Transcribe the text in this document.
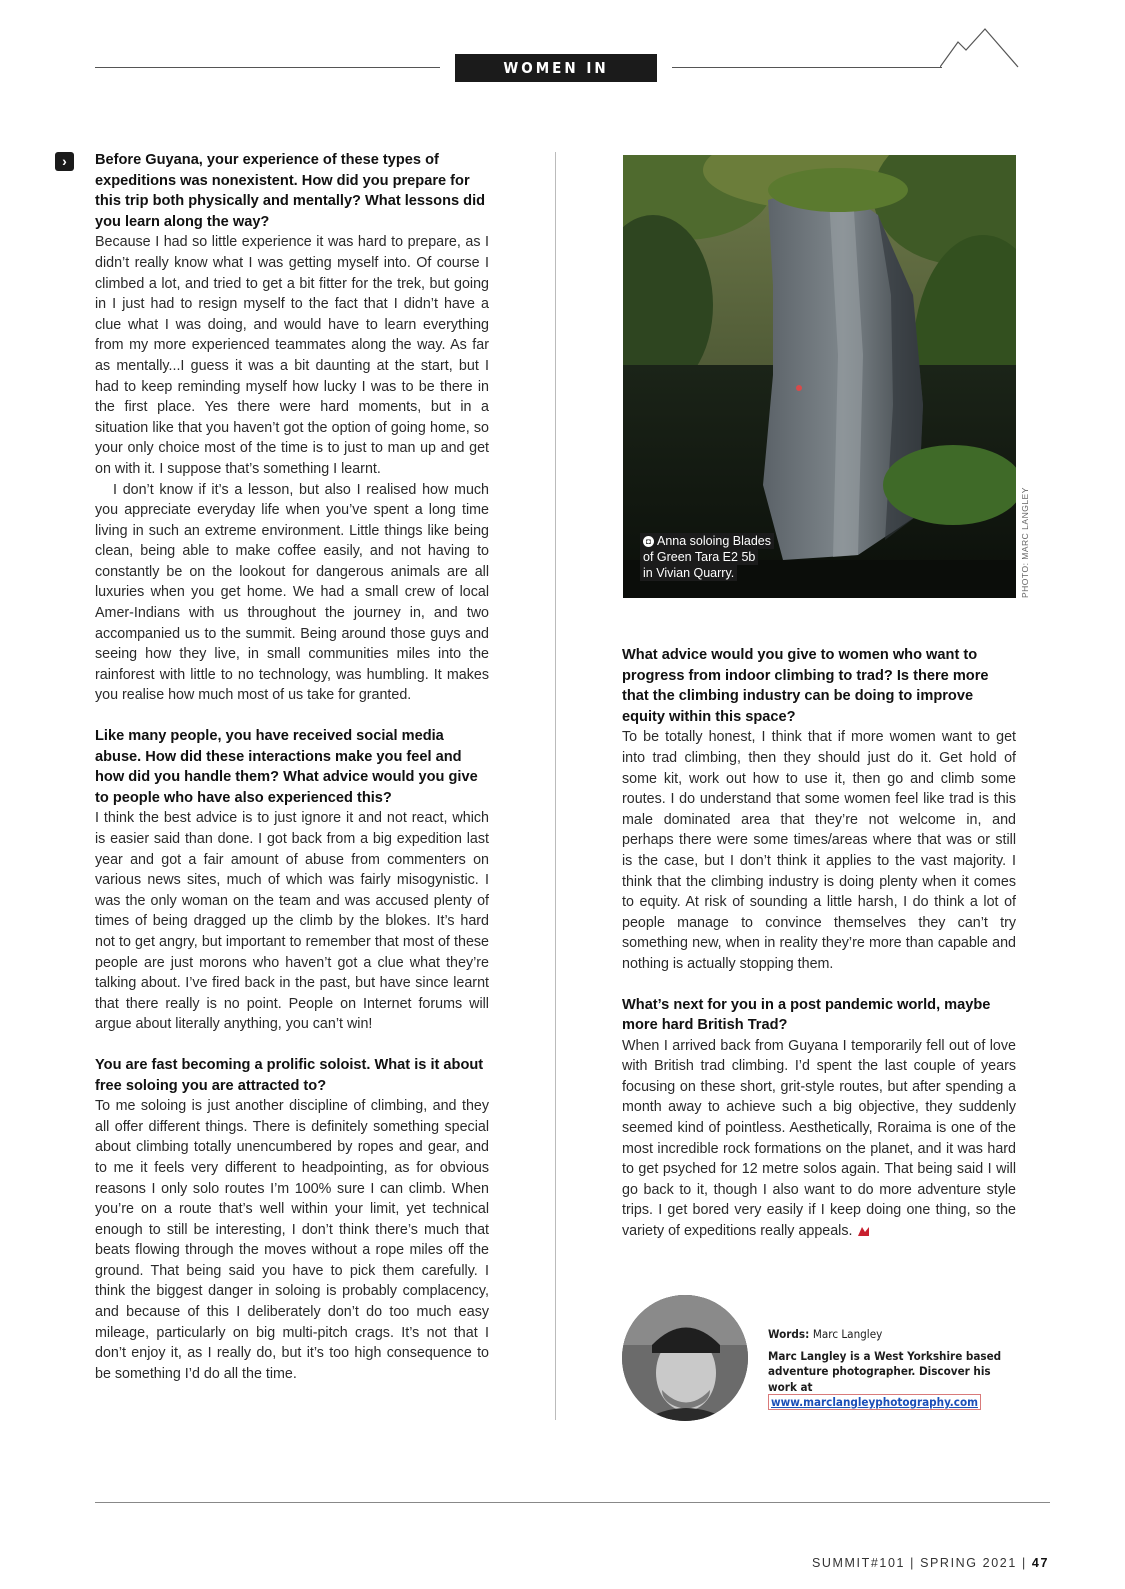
WOMEN IN CLIMBING
›	Before Guyana, your experience of these types of expeditions was nonexistent. How did you prepare for this trip both physically and mentally? What lessons did you learn along the way?

Because I had so little experience it was hard to prepare, as I didn’t really know what I was getting myself into. Of course I climbed a lot, and tried to get a bit fitter for the trek, but going in I just had to resign myself to the fact that I didn’t have a clue what I was doing, and would have to learn everything from my more experienced teammates along the way. As far as mentally...I guess it was a bit daunting at the start, but I had to keep reminding myself how lucky I was to be there in the first place. Yes there were hard moments, but in a situation like that you haven’t got the option of going home, so your only choice most of the time is to just to man up and get on with it. I suppose that’s something I learnt.

I don’t know if it’s a lesson, but also I realised how much you appreciate everyday life when you’ve spent a long time living in such an extreme environment. Little things like being clean, being able to make coffee easily, and not having to constantly be on the lookout for dangerous animals are all luxuries when you get home. We had a small crew of local Amer-Indians with us throughout the journey in, and two accompanied us to the summit. Being around those guys and seeing how they live, in small communities miles into the rainforest with little to no technology, was humbling. It makes you realise how much most of us take for granted.

Like many people, you have received social media abuse. How did these interactions make you feel and how did you handle them? What advice would you give to people who have also experienced this?

I think the best advice is to just ignore it and not react, which is easier said than done. I got back from a big expedition last year and got a fair amount of abuse from commenters on various news sites, much of which was fairly misogynistic. I was the only woman on the team and was accused plenty of times of being dragged up the climb by the blokes. It’s hard not to get angry, but important to remember that most of these people are just morons who haven’t got a clue what they’re talking about. I’ve fired back in the past, but have since learnt that there really is no point. People on Internet forums will argue about literally anything, you can’t win!

You are fast becoming a prolific soloist. What is it about free soloing you are attracted to?

To me soloing is just another discipline of climbing, and they all offer different things. There is definitely something special about climbing totally unencumbered by ropes and gear, and to me it feels very different to headpointing, as for obvious reasons I only solo routes I’m 100% sure I can climb. When you’re on a route that’s well within your limit, yet technical enough to still be interesting, I don’t think there’s much that beats flowing through the moves without a rope miles off the ground. That being said you have to pick them carefully. I think the biggest danger in soloing is probably complacency, and because of this I deliberately don’t do too much easy mileage, particularly on big multi-pitch crags. It’s not that I don’t enjoy it, as I really do, but it’s too high consequence to be something I’d do all the time.

◘ Anna soloing Blades
of Green Tara E2 5b
in Vivian Quarry.	PHOTO: MARC LANGLEY
What advice would you give to women who want to progress from indoor climbing to trad? Is there more that the climbing industry can be doing to improve equity within this space?

To be totally honest, I think that if more women want to get into trad climbing, then they should just do it. Get hold of some kit, work out how to use it, then go and climb some routes. I do understand that some women feel like trad is this male dominated area that they’re not welcome in, and perhaps there were some times/areas where that was or still is the case, but I don’t think it applies to the vast majority. I think that the climbing industry is doing plenty when it comes to equity. At risk of sounding a little harsh, I do think a lot of people manage to convince themselves they can’t try something new, when in reality they’re more than capable and nothing is actually stopping them.

What’s next for you in a post pandemic world, maybe more hard British Trad?

When I arrived back from Guyana I temporarily fell out of love with British trad climbing. I’d spent the last couple of years focusing on these short, grit-style routes, but after spending a month away to achieve such a big objective, they suddenly seemed kind of pointless. Aesthetically, Roraima is one of the most incredible rock formations on the planet, and it was hard to get psyched for 12 metre solos again. That being said I will go back to it, though I also want to do more adventure style trips. I get bored very easily if I keep doing one thing, so the variety of expeditions really appeals.

Words: Marc Langley
Marc Langley is a West Yorkshire based adventure photographer. Discover his work at
www.marclangleyphotography.com
SUMMIT#101 | SPRING 2021 | 47
